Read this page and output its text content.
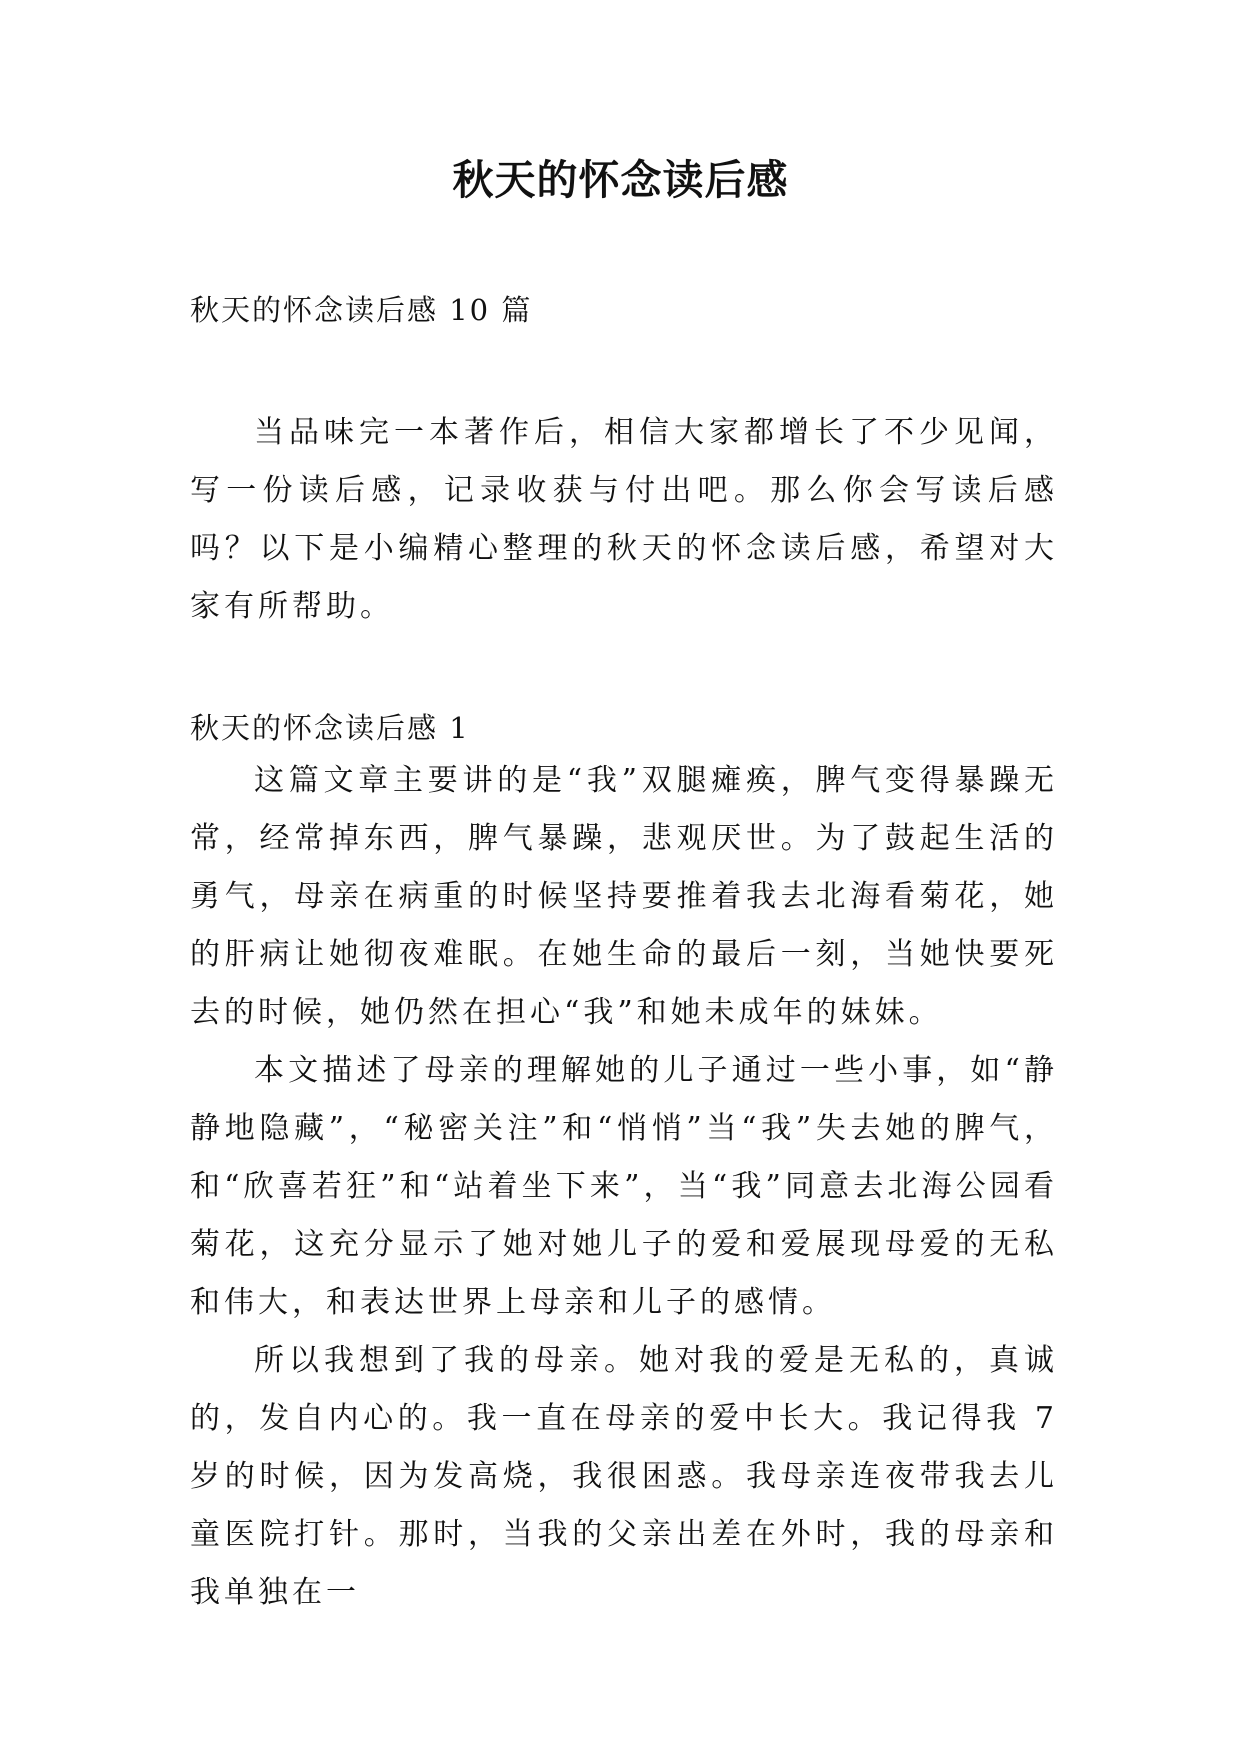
秋天的怀念读后感
秋天的怀念读后感 10 篇

当品味完一本著作后，相信大家都增长了不少见闻，写一份读后感，记录收获与付出吧。那么你会写读后感吗？以下是小编精心整理的秋天的怀念读后感，希望对大家有所帮助。

秋天的怀念读后感 1

这篇文章主要讲的是“我”双腿瘫痪，脾气变得暴躁无常，经常掉东西，脾气暴躁，悲观厌世。为了鼓起生活的勇气，母亲在病重的时候坚持要推着我去北海看菊花，她的肝病让她彻夜难眠。在她生命的最后一刻，当她快要死去的时候，她仍然在担心“我”和她未成年的妹妹。

本文描述了母亲的理解她的儿子通过一些小事，如“静静地隐藏”，“秘密关注”和“悄悄”当“我”失去她的脾气，和“欣喜若狂”和“站着坐下来”，当“我”同意去北海公园看菊花，这充分显示了她对她儿子的爱和爱展现母爱的无私和伟大，和表达世界上母亲和儿子的感情。

所以我想到了我的母亲。她对我的爱是无私的，真诚的，发自内心的。我一直在母亲的爱中长大。我记得我 7 岁的时候，因为发高烧，我很困惑。我母亲连夜带我去儿童医院打针。那时，当我的父亲出差在外时，我的母亲和我单独在一
